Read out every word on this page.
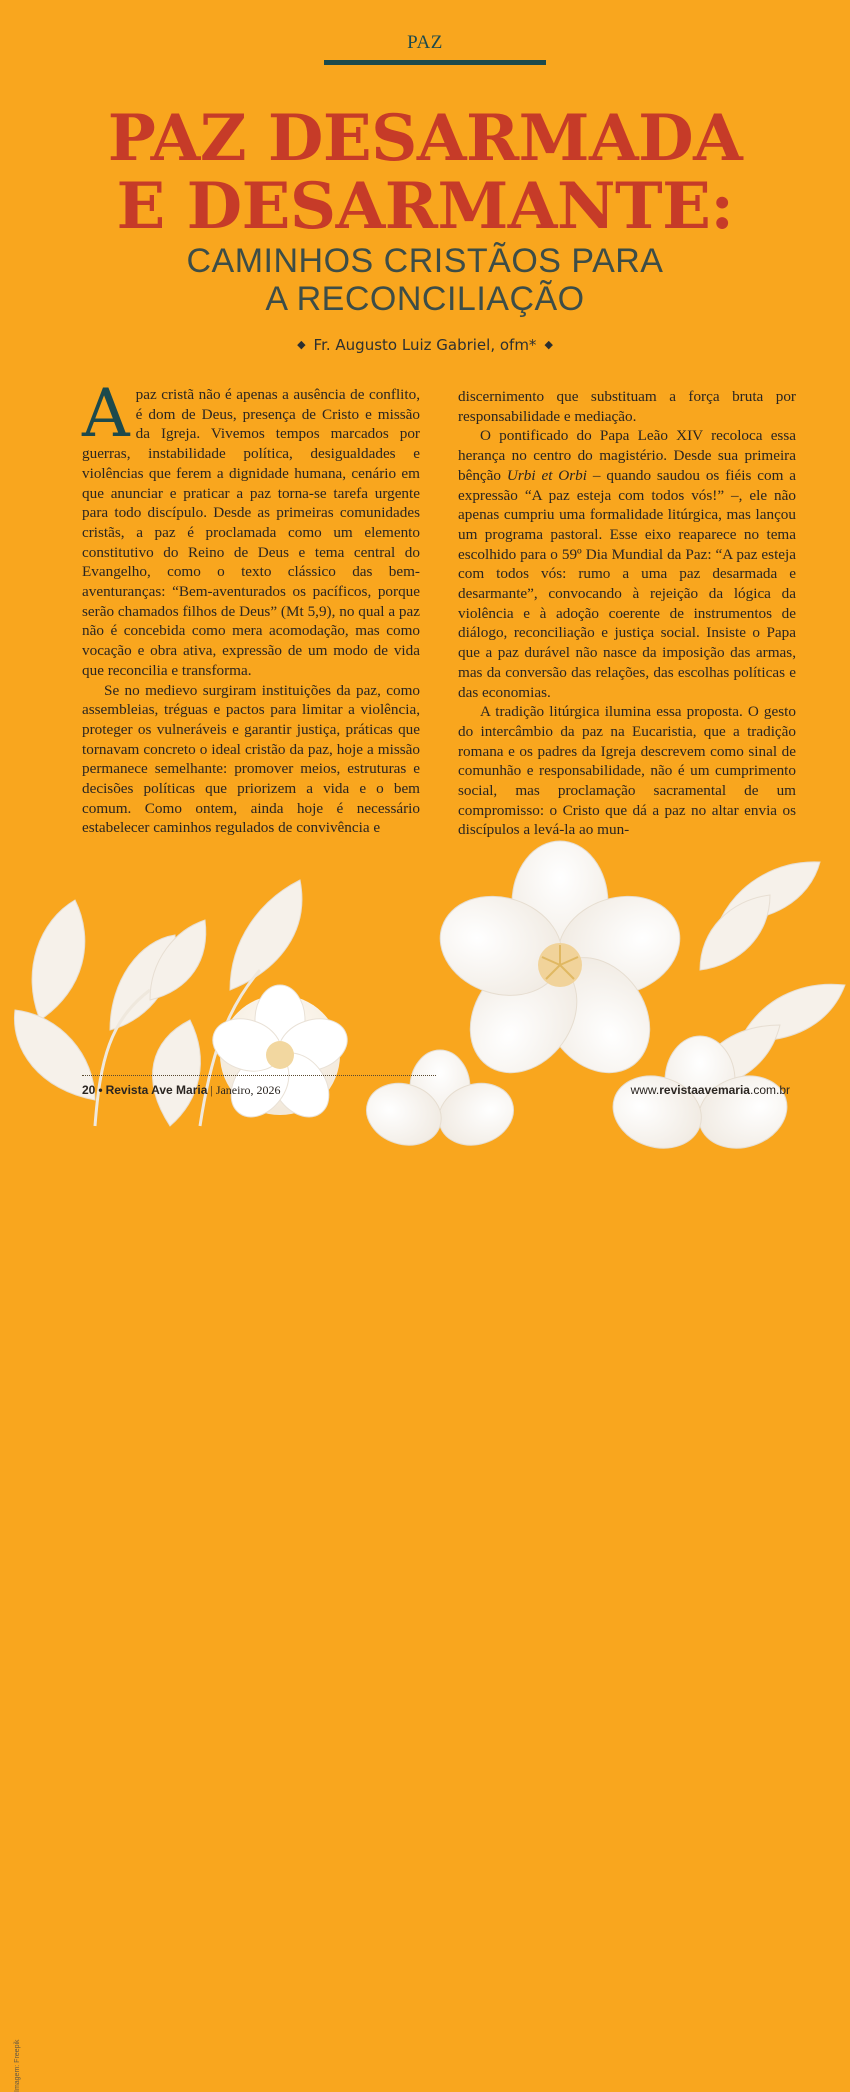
PAZ
PAZ DESARMADA
E DESARMANTE:
CAMINHOS CRISTÃOS PARA
A RECONCILIAÇÃO
◆ Fr. Augusto Luiz Gabriel, ofm* ◆

Apaz cristã não é apenas a ausência de conflito, é dom de Deus, presença de Cristo e missão da Igreja. Vivemos tempos marcados por guerras, instabilidade política, desigualdades e violências que ferem a dignidade humana, cenário em que anunciar e praticar a paz torna-se tarefa urgente para todo discípulo. Desde as primeiras comunidades cristãs, a paz é proclamada como um elemento constitutivo do Reino de Deus e tema central do Evangelho, como o texto clássico das bem-aventuranças: “Bem-aventurados os pacíficos, porque serão chamados filhos de Deus” (Mt 5,9), no qual a paz não é concebida como mera acomodação, mas como vocação e obra ativa, expressão de um modo de vida que reconcilia e transforma.

Se no medievo surgiram instituições da paz, como assembleias, tréguas e pactos para limitar a violência, proteger os vulneráveis e garantir justiça, práticas que tornavam concreto o ideal cristão da paz, hoje a missão permanece semelhante: promover meios, estruturas e decisões políticas que priorizem a vida e o bem comum. Como ontem, ainda hoje é necessário estabelecer caminhos regulados de convivência e

discernimento que substituam a força bruta por responsabilidade e mediação.

O pontificado do Papa Leão XIV recoloca essa herança no centro do magistério. Desde sua primeira bênção Urbi et Orbi – quando saudou os fiéis com a expressão “A paz esteja com todos vós!” –, ele não apenas cumpriu uma formalidade litúrgica, mas lançou um programa pastoral. Esse eixo reaparece no tema escolhido para o 59º Dia Mundial da Paz: “A paz esteja com todos vós: rumo a uma paz desarmada e desarmante”, convocando à rejeição da lógica da violência e à adoção coerente de instrumentos de diálogo, reconciliação e justiça social. Insiste o Papa que a paz durável não nasce da imposição das armas, mas da conversão das relações, das escolhas políticas e das economias.

A tradição litúrgica ilumina essa proposta. O gesto do intercâmbio da paz na Eucaristia, que a tradição romana e os padres da Igreja descrevem como sinal de comunhão e responsabilidade, não é um cumprimento social, mas proclamação sacramental de um compromisso: o Cristo que dá a paz no altar envia os discípulos a levá-la ao mun-

Imagem: Freepik
20 • Revista Ave Maria | Janeiro, 2026	www.revistaavemaria.com.br
